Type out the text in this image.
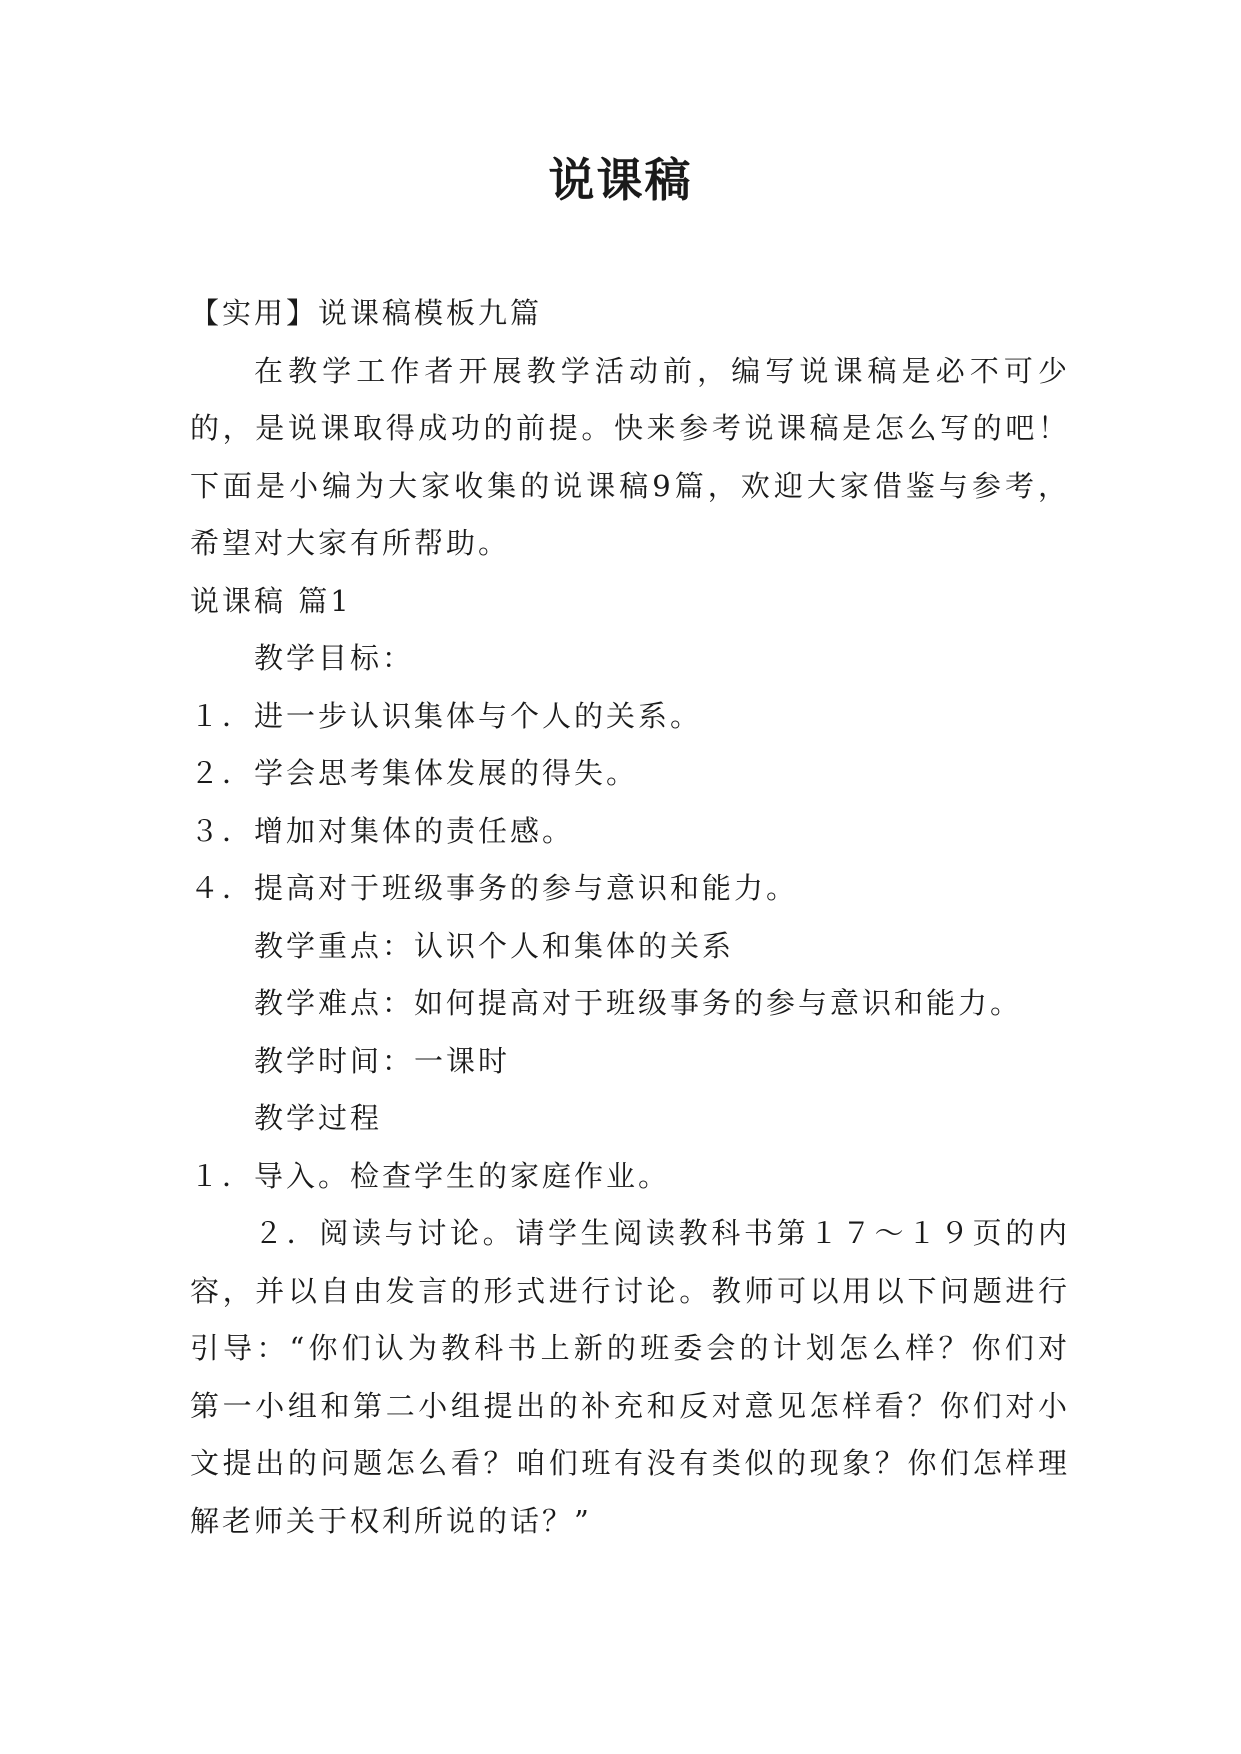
说课稿

【实用】说课稿模板九篇

在教学工作者开展教学活动前，编写说课稿是必不可少的，是说课取得成功的前提。快来参考说课稿是怎么写的吧！下面是小编为大家收集的说课稿9篇，欢迎大家借鉴与参考，希望对大家有所帮助。

说课稿 篇1

教学目标：

１．进一步认识集体与个人的关系。

２．学会思考集体发展的得失。

３．增加对集体的责任感。

４．提高对于班级事务的参与意识和能力。

教学重点：认识个人和集体的关系

教学难点：如何提高对于班级事务的参与意识和能力。

教学时间：一课时

教学过程

１．导入。检查学生的家庭作业。

２．阅读与讨论。请学生阅读教科书第１７～１９页的内容，并以自由发言的形式进行讨论。教师可以用以下问题进行引导：“你们认为教科书上新的班委会的计划怎么样？你们对第一小组和第二小组提出的补充和反对意见怎样看？你们对小文提出的问题怎么看？咱们班有没有类似的现象？你们怎样理解老师关于权利所说的话？”
